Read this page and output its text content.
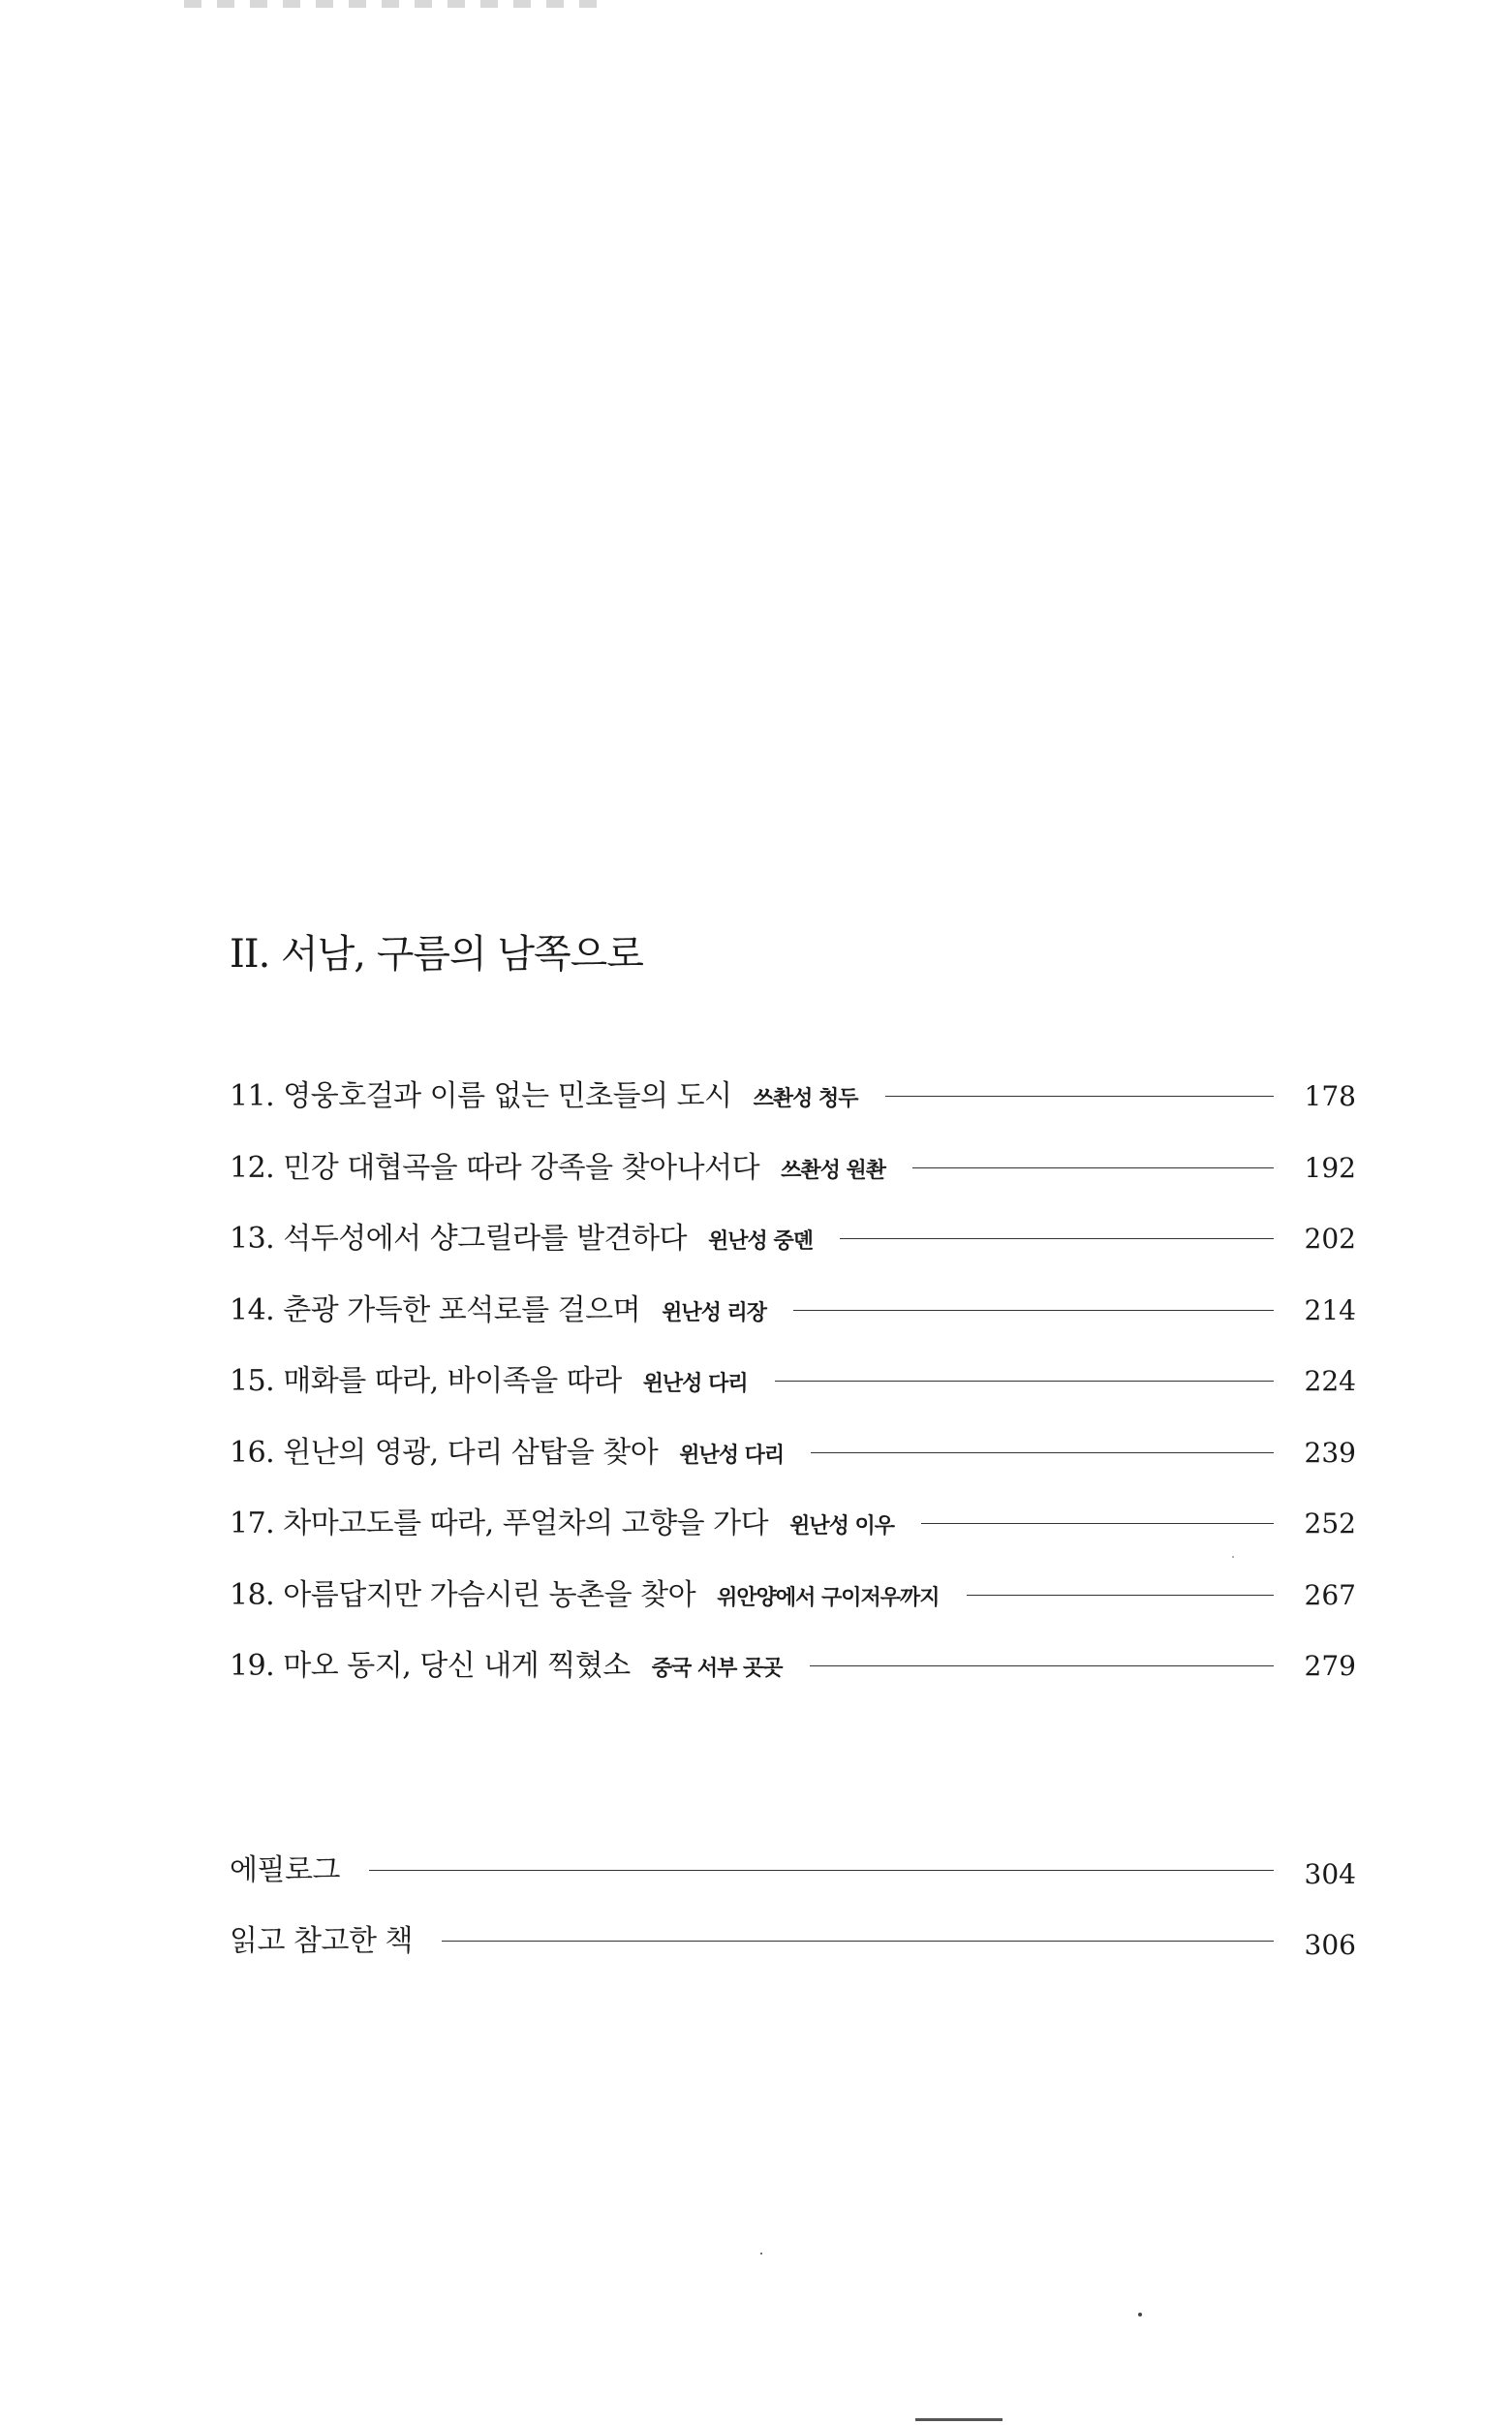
II. 서남, 구름의 남쪽으로
11. 영웅호걸과 이름 없는 민초들의 도시 쓰촨성 청두	178
12. 민강 대협곡을 따라 강족을 찾아나서다 쓰촨성 원촨	192
13. 석두성에서 샹그릴라를 발견하다 윈난성 중뎬	202
14. 춘광 가득한 포석로를 걸으며 윈난성 리장	214
15. 매화를 따라, 바이족을 따라 윈난성 다리	224
16. 윈난의 영광, 다리 삼탑을 찾아 윈난성 다리	239
17. 차마고도를 따라, 푸얼차의 고향을 가다 윈난성 이우	252
18. 아름답지만 가슴시린 농촌을 찾아 위안양에서 구이저우까지	267
19. 마오 동지, 당신 내게 찍혔소 중국 서부 곳곳	279
에필로그	304
읽고 참고한 책	306
